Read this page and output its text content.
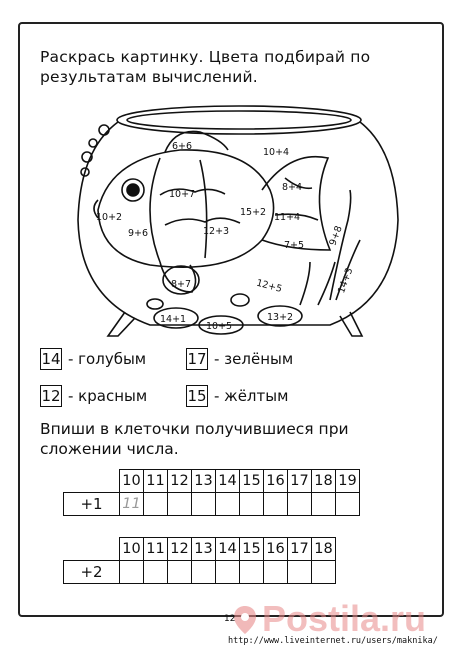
Раскрась картинку. Цвета подбирай по результатам вычислений.
6+6
10+4
10+7
8+4
10+2
9+6
15+2 11+4
12+3
7+5 9+8
8+7	12+5	14+3
14+1
10+5
13+2
14 - голубым	17 - зелёным
12 - красным	15 - жёлтым
Впиши в клеточки получившиеся при сложении числа.
	10	11	12	13	14	15	16	17	18	19
+1	11									
	10	11	12	13	14	15	16	17	18
+2									
Postila.ru
12
http://www.liveinternet.ru/users/maknika/
